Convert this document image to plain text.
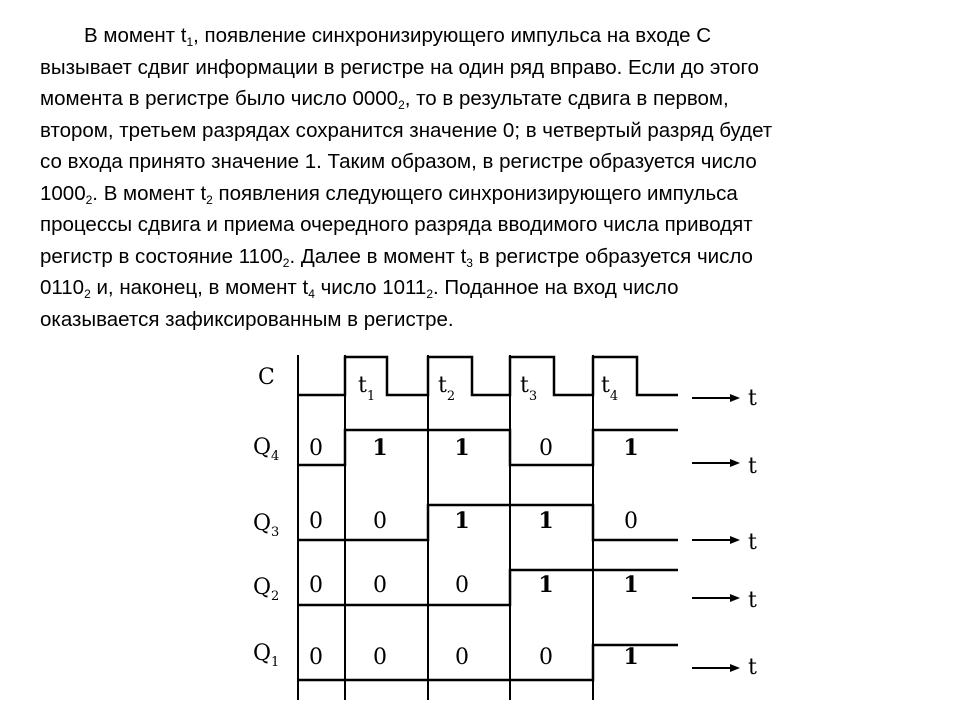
В момент $t_1$, появление синхронизирующего импульса на входе С
вызывает сдвиг информации в регистре на один ряд вправо. Если до этого
момента в регистре было число $0000_2$, то в результате сдвига в первом,
втором, третьем разрядах сохранится значение 0; в четвертый разряд будет
со входа принято значение 1. Таким образом, в регистре образуется число
$1000_2$. В момент $t_2$ появления следующего синхронизирующего импульса
процессы сдвига и приема очередного разряда вводимого числа приводят
регистр в состояние $1100_2$. Далее в момент $t_3$ в регистре образуется число
$0110_2$ и, наконец, в момент $t_4$ число $1011_2$. Поданное на вход число
оказывается зафиксированным в регистре.
C	$t_1$	$t_2$	$t_3$	$t_4$
$Q_4$ 0 1	1	0	1
t
$Q_3$ 0 0	1	1	0
t
$Q_2$ 0 0	0	1	1
t
$Q_1$ 0 0	0	0	1	t
t
